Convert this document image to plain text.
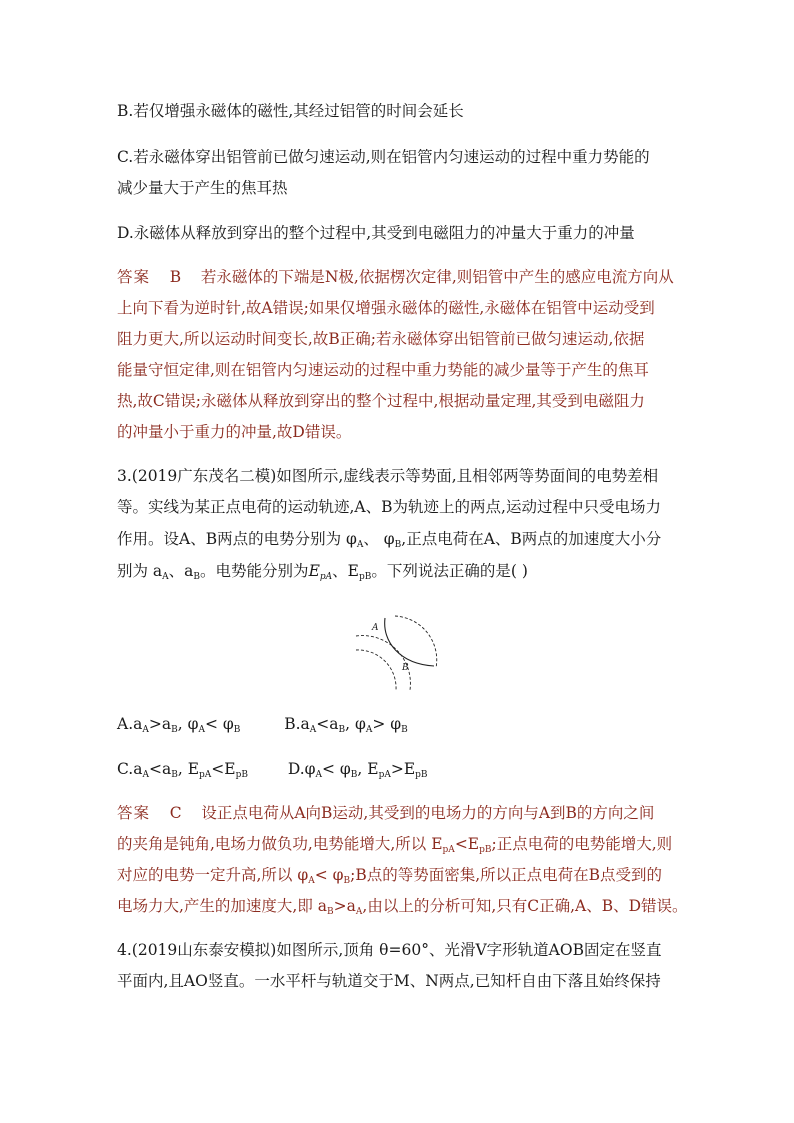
B.若仅增强永磁体的磁性,其经过铝管的时间会延长
C.若永磁体穿出铝管前已做匀速运动,则在铝管内匀速运动的过程中重力势能的
减少量大于产生的焦耳热
D.永磁体从释放到穿出的整个过程中,其受到电磁阻力的冲量大于重力的冲量
答案 B 若永磁体的下端是N极,依据楞次定律,则铝管中产生的感应电流方向从
上向下看为逆时针,故A错误;如果仅增强永磁体的磁性,永磁体在铝管中运动受到
阻力更大,所以运动时间变长,故B正确;若永磁体穿出铝管前已做匀速运动,依据
能量守恒定律,则在铝管内匀速运动的过程中重力势能的减少量等于产生的焦耳
热,故C错误;永磁体从释放到穿出的整个过程中,根据动量定理,其受到电磁阻力
的冲量小于重力的冲量,故D错误。
3.(2019广东茂名二模)如图所示,虚线表示等势面,且相邻两等势面间的电势差相
等。实线为某正点电荷的运动轨迹,A、B为轨迹上的两点,运动过程中只受电场力
作用。设A、B两点的电势分别为 $\varphi_A$、 $\varphi_B$,正点电荷在A、B两点的加速度大小分
别为 $a_A$、$a_B$。电势能分别为$E_{pA}$、$E_{pB}$。下列说法正确的是( )
A
B
$A.a_A>a_B$, $\varphi_A< \varphi_B$	$B.a_A<a_B$, $\varphi_A> \varphi_B$
$C.a_A<a_B$, $E_{pA}<E_{pB}$	$D.\varphi_A< \varphi_B$, $E_{pA}>E_{pB}$
答案 C 设正点电荷从A向B运动,其受到的电场力的方向与A到B的方向之间
的夹角是钝角,电场力做负功,电势能增大,所以 $E_{pA}<E_{pB}$;正点电荷的电势能增大,则
对应的电势一定升高,所以 $\varphi_A<$ $\varphi_B;B$点的等势面密集,所以正点电荷在B点受到的
电场力大,产生的加速度大,即 $a_B>a_A$,由以上的分析可知,只有C正确,A、B、D错误。
4.(2019山东泰安模拟)如图所示,顶角 θ=60°、光滑V字形轨道AOB固定在竖直
平面内,且AO竖直。一水平杆与轨道交于M、N两点,已知杆自由下落且始终保持
